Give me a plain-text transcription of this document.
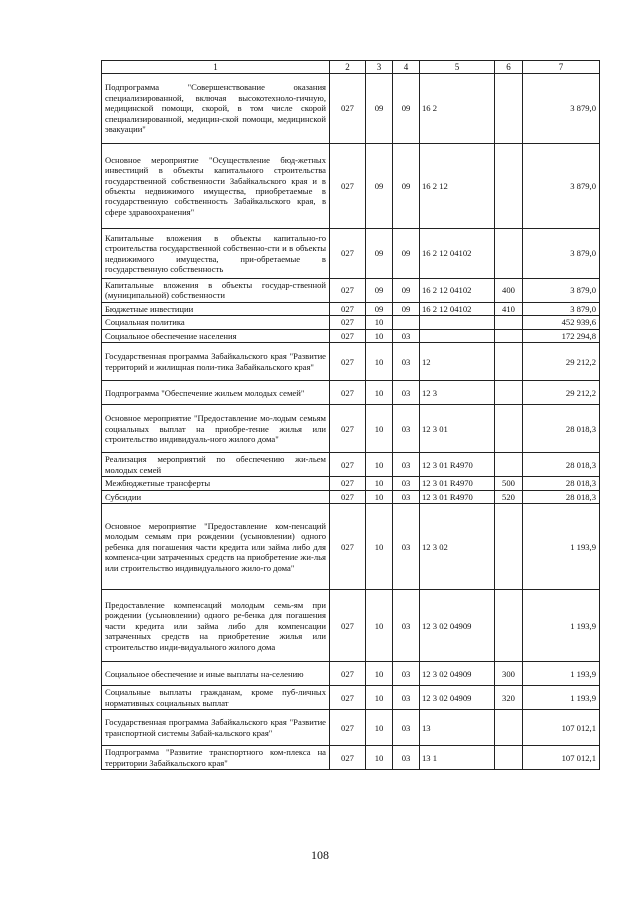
1	2	3	4	5	6	7
Подпрограмма "Совершенствование оказания специализированной, включая высокотехноло-гичную, медицинской помощи, скорой, в том числе скорой специализированной, медицин-ской помощи, медицинской эвакуации"	027	09	09	16 2		3 879,0
Основное мероприятие "Осуществление бюд-жетных инвестиций в объекты капитального строительства государственной собственности Забайкальского края и в объекты недвижимого имущества, приобретаемые в государственную собственность Забайкальского края, в сфере здравоохранения"	027	09	09	16 2 12		3 879,0
Капитальные вложения в объекты капитально-го строительства государственной собственно-сти и в объекты недвижимого имущества, при-обретаемые в государственную собственность	027	09	09	16 2 12 04102		3 879,0
Капитальные вложения в объекты государ-ственной (муниципальной) собственности	027	09	09	16 2 12 04102	400	3 879,0
Бюджетные инвестиции	027	09	09	16 2 12 04102	410	3 879,0
Социальная политика	027	10				452 939,6
Социальное обеспечение населения	027	10	03			172 294,8
Государственная программа Забайкальского края "Развитие территорий и жилищная поли-тика Забайкальского края"	027	10	03	12		29 212,2
Подпрограмма "Обеспечение жильем молодых семей"	027	10	03	12 3		29 212,2
Основное мероприятие "Предоставление мо-лодым семьям социальных выплат на приобре-тение жилья или строительство индивидуаль-ного жилого дома"	027	10	03	12 3 01		28 018,3
Реализация мероприятий по обеспечению жи-льем молодых семей	027	10	03	12 3 01 R4970		28 018,3
Межбюджетные трансферты	027	10	03	12 3 01 R4970	500	28 018,3
Субсидии	027	10	03	12 3 01 R4970	520	28 018,3
Основное мероприятие "Предоставление ком-пенсаций молодым семьям при рождении (усыновлении) одного ребенка для погашения части кредита или займа либо для компенса-ции затраченных средств на приобретение жи-лья или строительство индивидуального жило-го дома"	027	10	03	12 3 02		1 193,9
Предоставление компенсаций молодым семь-ям при рождении (усыновлении) одного ре-бенка для погашения части кредита или займа либо для компенсации затраченных средств на приобретение жилья или строительство инди-видуального жилого дома	027	10	03	12 3 02 04909		1 193,9
Социальное обеспечение и иные выплаты на-селению	027	10	03	12 3 02 04909	300	1 193,9
Социальные выплаты гражданам, кроме пуб-личных нормативных социальных выплат	027	10	03	12 3 02 04909	320	1 193,9
Государственная программа Забайкальского края "Развитие транспортной системы Забай-кальского края"	027	10	03	13		107 012,1
Подпрограмма "Развитие транспортного ком-плекса на территории Забайкальского края"	027	10	03	13 1		107 012,1
108
